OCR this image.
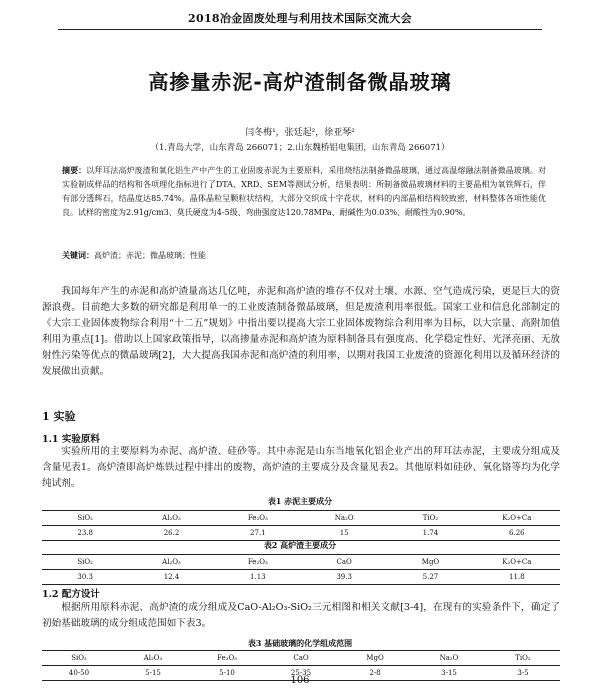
2018冶金固废处理与利用技术国际交流大会
高掺量赤泥-高炉渣制备微晶玻璃
闫冬梅¹，张廷起²，徐亚琴²
（1.青岛大学，山东青岛 266071；2.山东魏桥铝电集团，山东青岛 266071）
摘要：以拜耳法高炉废渣和氧化铝生产中产生的工业固废赤泥为主要原料，采用烧结法制备微晶玻璃，通过高温熔融法制备微晶玻璃。对实验制成样品的结构和各项理化指标进行了DTA、XRD、SEM等测试分析，结果表明：所制备微晶玻璃材料的主要晶相为氧铁辉石，伴有部分透辉石，结晶度达85.74%。晶体晶粒呈颗粒状结构，大部分交织成十字花状，材料的内部晶相结构较致密，材料整体各项性能优良。试样的密度为2.91g/cm3、莫氏硬度为4-5级、弯曲强度达120.78MPa、耐碱性为0.03%、耐酸性为0.90%。
关键词：高炉渣；赤泥；微晶玻璃；性能
我国每年产生的赤泥和高炉渣量高达几亿吨，赤泥和高炉渣的堆存不仅对土壤、水源、空气造成污染，更是巨大的资源浪费。目前绝大多数的研究都是利用单一的工业废渣制备微晶玻璃，但是废渣利用率很低。国家工业和信息化部制定的《大宗工业固体废物综合利用“十二五”规划》中指出要以提高大宗工业固体废物综合利用率为目标，以大宗量、高附加值利用为重点[1]。借助以上国家政策指导，以高掺量赤泥和高炉渣为原料制备具有强度高、化学稳定性好、光泽亮丽、无放射性污染等优点的微晶玻璃[2]，大大提高我国赤泥和高炉渣的利用率，以期对我国工业废渣的资源化利用以及循环经济的发展做出贡献。
1 实验
1.1 实验原料
实验所用的主要原料为赤泥、高炉渣、硅砂等。其中赤泥是山东当地氧化铝企业产出的拜耳法赤泥，主要成分组成及含量见表1。高炉渣即高炉炼铁过程中排出的废物，高炉渣的主要成分及含量见表2。其他原料如硅砂、氧化铬等均为化学纯试剂。
表1 赤泥主要成分
SiO₂	Al₂O₃	Fe₂O₃	Na₂O	TiO₂	K₂O+Ca
23.8	26.2	27.1	15	1.74	6.26
表2 高炉渣主要成分
SiO₂	Al₂O₃	Fe₂O₃	CaO	MgO	K₂O+Ca
30.3	12.4	1.13	39.3	5.27	11.8
1.2 配方设计
根据所用原料赤泥、高炉渣的成分组成及CaO-Al₂O₃-SiO₂三元相图和相关文献[3-4]，在现有的实验条件下，确定了初始基础玻璃的成分组成范围如下表3。
表3 基础玻璃的化学组成范围
SiO₂	Al₂O₃	Fe₂O₃	CaO	MgO	Na₂O	TiO₂
40-50	5-15	5-10	25-35	2-8	3-15	3-5
106
